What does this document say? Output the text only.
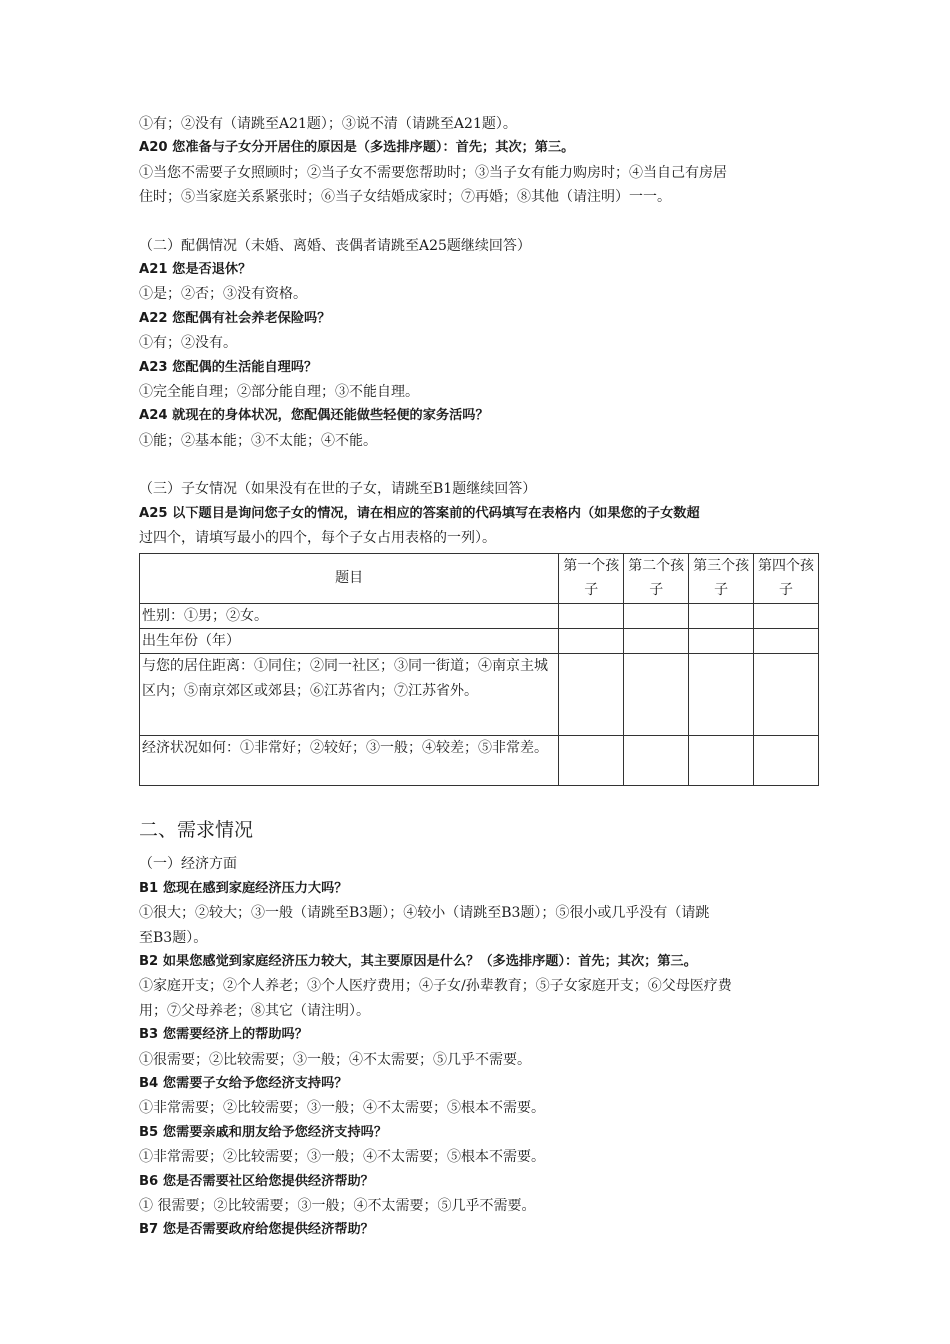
①有；②没有（请跳至A21题）；③说不清（请跳至A21题）。
A20 您准备与子女分开居住的原因是（多选排序题）：首先；其次；第三。
①当您不需要子女照顾时；②当子女不需要您帮助时；③当子女有能力购房时；④当自己有房居
住时；⑤当家庭关系紧张时；⑥当子女结婚成家时；⑦再婚；⑧其他（请注明）一一。
（二）配偶情况（未婚、离婚、丧偶者请跳至A25题继续回答）
A21 您是否退休？
①是；②否；③没有资格。
A22 您配偶有社会养老保险吗？
①有；②没有。
A23 您配偶的生活能自理吗？
①完全能自理；②部分能自理；③不能自理。
A24 就现在的身体状况，您配偶还能做些轻便的家务活吗？
①能；②基本能；③不太能；④不能。
（三）子女情况（如果没有在世的子女，请跳至B1题继续回答）
A25 以下题目是询问您子女的情况，请在相应的答案前的代码填写在表格内（如果您的子女数超
过四个，请填写最小的四个，每个子女占用表格的一列）。
题目	第一个孩子	第二个孩子	第三个孩子	第四个孩子
性别：①男；②女。				
出生年份（年）				
与您的居住距离：①同住；②同一社区；③同一街道；④南京主城区内；⑤南京郊区或郊县；⑥江苏省内；⑦江苏省外。				
经济状况如何：①非常好；②较好；③一般；④较差；⑤非常差。				
二、需求情况
（一）经济方面
B1 您现在感到家庭经济压力大吗？
①很大；②较大；③一般（请跳至B3题）；④较小（请跳至B3题）；⑤很小或几乎没有（请跳
至B3题）。
B2 如果您感觉到家庭经济压力较大，其主要原因是什么？（多选排序题）：首先；其次；第三。
①家庭开支；②个人养老；③个人医疗费用；④子女/孙辈教育；⑤子女家庭开支；⑥父母医疗费
用；⑦父母养老；⑧其它（请注明）。
B3 您需要经济上的帮助吗？
①很需要；②比较需要；③一般；④不太需要；⑤几乎不需要。
B4 您需要子女给予您经济支持吗？
①非常需要；②比较需要；③一般；④不太需要；⑤根本不需要。
B5 您需要亲戚和朋友给予您经济支持吗？
①非常需要；②比较需要；③一般；④不太需要；⑤根本不需要。
B6 您是否需要社区给您提供经济帮助？
① 很需要；②比较需要；③一般；④不太需要；⑤几乎不需要。
B7 您是否需要政府给您提供经济帮助？
